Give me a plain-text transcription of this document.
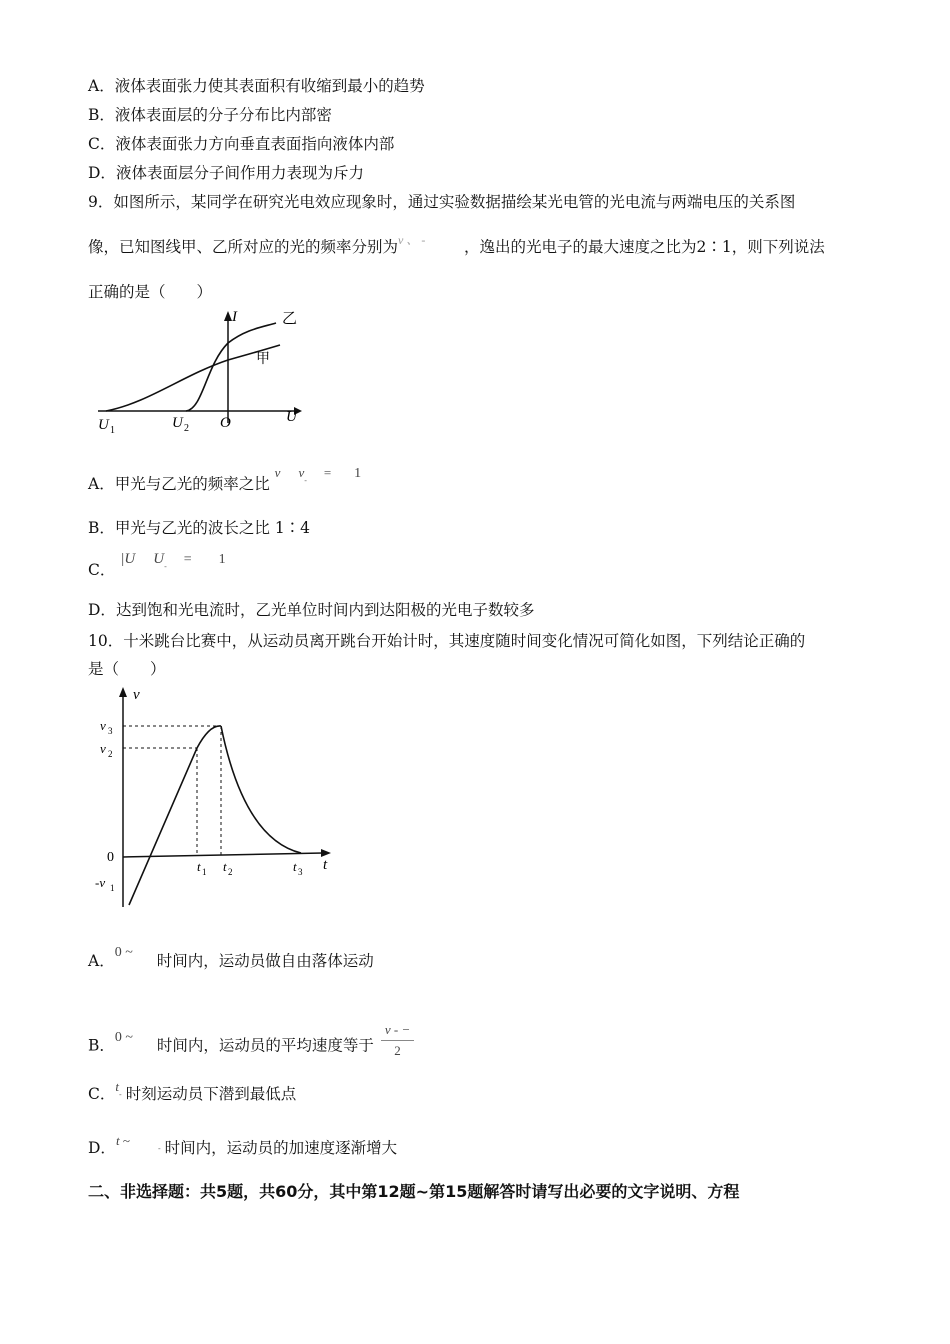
A．液体表面张力使其表面积有收缩到最小的趋势
B．液体表面层的分子分布比内部密
C．液体表面张力方向垂直表面指向液体内部
D．液体表面层分子间作用力表现为斥力
9．如图所示，某同学在研究光电效应现象时，通过实验数据描绘某光电管的光电流与两端电压的关系图
像，已知图线甲、乙所对应的光的频率分别为v 、 - ，逸出的光电子的最大速度之比为2∶1，则下列说法
正确的是（　　）
I	乙
甲
U
O
U 1	U 2
A．甲光与乙光的频率之比 $^v$ $^{v-}$ = 1
B．甲光与乙光的波长之比 1∶4
C． |U U- = 1
D．达到饱和光电流时，乙光单位时间内到达阳极的光电子数较多
10．十米跳台比赛中，从运动员离开跳台开始计时，其速度随时间变化情况可简化如图，下列结论正确的
是（　　）
v
t
0
v 3
v 2
-v 1
t 1 t 2	t 3
A．0 ~ 时间内，运动员做自由落体运动
B．0 ~ 时间内，运动员的平均速度等于 $\frac{v - -}{2}$
C．$^t$- 时刻运动员下潜到最低点
D．t ~- 时间内，运动员的加速度逐渐增大
二、非选择题：共5题，共60分，其中第12题~第15题解答时请写出必要的文字说明、方程
